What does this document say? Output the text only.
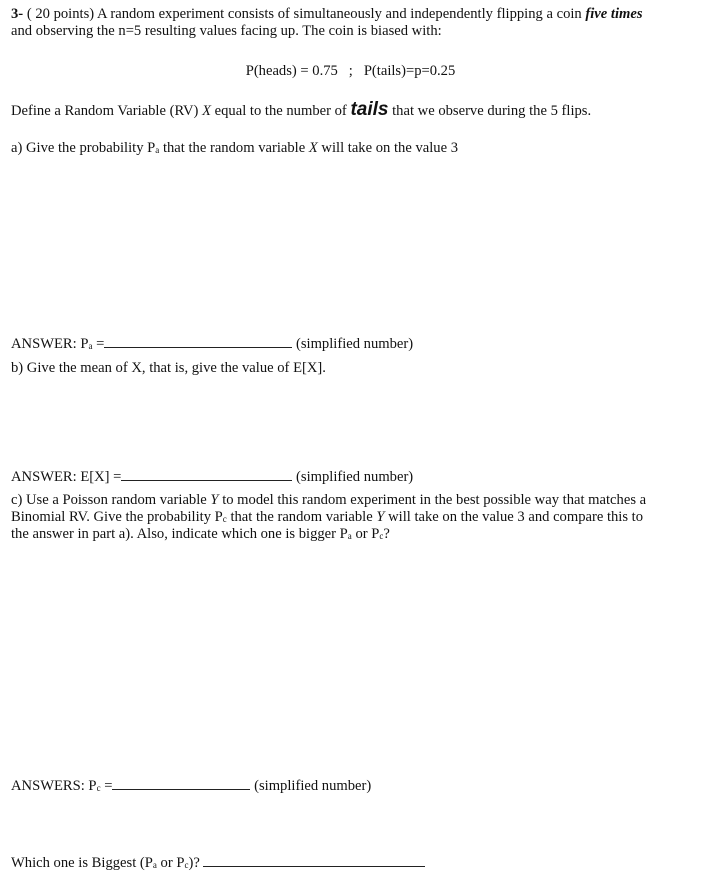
3- ( 20 points) A random experiment consists of simultaneously and independently flipping a coin five times
and observing the n=5 resulting values facing up. The coin is biased with:
P(heads) = 0.75 ; P(tails)=p=0.25
Define a Random Variable (RV) X equal to the number of tails that we observe during the 5 flips.
a) Give the probability Pa that the random variable X will take on the value 3
ANSWER: Pa =	(simplified number)
b) Give the mean of X, that is, give the value of E[X].
ANSWER: E[X] =	(simplified number)
c) Use a Poisson random variable Y to model this random experiment in the best possible way that matches a
Binomial RV. Give the probability Pc that the random variable Y will take on the value 3 and compare this to
the answer in part a). Also, indicate which one is bigger Pa or Pc?
ANSWERS: Pc =	(simplified number)
Which one is Biggest (Pa or Pc)?
